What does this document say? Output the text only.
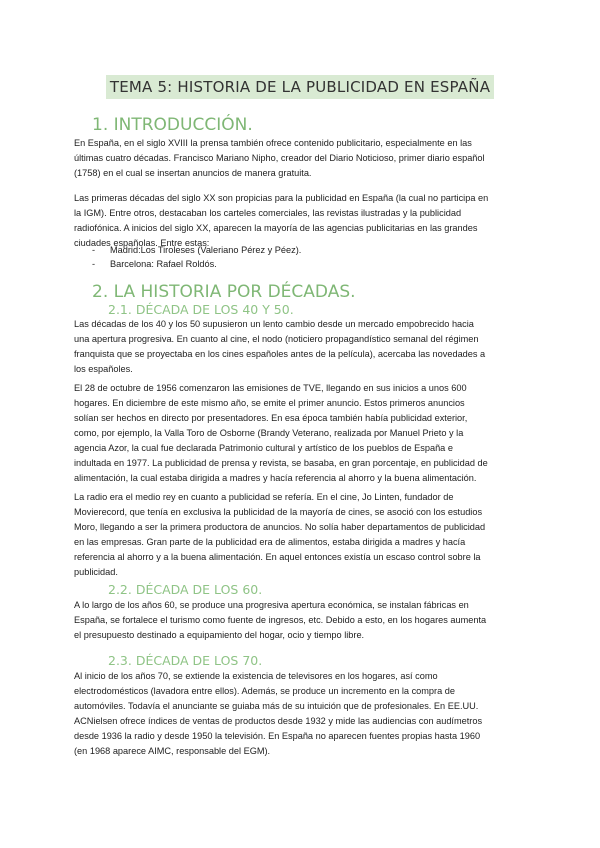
TEMA 5: HISTORIA DE LA PUBLICIDAD EN ESPAÑA
1. INTRODUCCIÓN.
En España, en el siglo XVIII la prensa también ofrece contenido publicitario, especialmente en las
últimas cuatro décadas. Francisco Mariano Nipho, creador del Diario Noticioso, primer diario español
(1758) en el cual se insertan anuncios de manera gratuita.
Las primeras décadas del siglo XX son propicias para la publicidad en España (la cual no participa en
la IGM). Entre otros, destacaban los carteles comerciales, las revistas ilustradas y la publicidad
radiofónica. A inicios del siglo XX, aparecen la mayoría de las agencias publicitarias en las grandes
ciudades españolas. Entre estas:
- Madrid:Los Tiroleses (Valeriano Pérez y Péez).
- Barcelona: Rafael Roldós.
2. LA HISTORIA POR DÉCADAS.
2.1. DÉCADA DE LOS 40 Y 50.
Las décadas de los 40 y los 50 supusieron un lento cambio desde un mercado empobrecido hacia
una apertura progresiva. En cuanto al cine, el nodo (noticiero propagandístico semanal del régimen
franquista que se proyectaba en los cines españoles antes de la película), acercaba las novedades a
los españoles.
El 28 de octubre de 1956 comenzaron las emisiones de TVE, llegando en sus inicios a unos 600
hogares. En diciembre de este mismo año, se emite el primer anuncio. Estos primeros anuncios
solían ser hechos en directo por presentadores. En esa época también había publicidad exterior,
como, por ejemplo, la Valla Toro de Osborne (Brandy Veterano, realizada por Manuel Prieto y la
agencia Azor, la cual fue declarada Patrimonio cultural y artístico de los pueblos de España e
indultada en 1977. La publicidad de prensa y revista, se basaba, en gran porcentaje, en publicidad de
alimentación, la cual estaba dirigida a madres y hacía referencia al ahorro y la buena alimentación.
La radio era el medio rey en cuanto a publicidad se refería. En el cine, Jo Linten, fundador de
Movierecord, que tenía en exclusiva la publicidad de la mayoría de cines, se asoció con los estudios
Moro, llegando a ser la primera productora de anuncios. No solía haber departamentos de publicidad
en las empresas. Gran parte de la publicidad era de alimentos, estaba dirigida a madres y hacía
referencia al ahorro y a la buena alimentación. En aquel entonces existía un escaso control sobre la
publicidad.
2.2. DÉCADA DE LOS 60.
A lo largo de los años 60, se produce una progresiva apertura económica, se instalan fábricas en
España, se fortalece el turismo como fuente de ingresos, etc. Debido a esto, en los hogares aumenta
el presupuesto destinado a equipamiento del hogar, ocio y tiempo libre.
2.3. DÉCADA DE LOS 70.
Al inicio de los años 70, se extiende la existencia de televisores en los hogares, así como
electrodomésticos (lavadora entre ellos). Además, se produce un incremento en la compra de
automóviles. Todavía el anunciante se guiaba más de su intuición que de profesionales. En EE.UU.
ACNielsen ofrece índices de ventas de productos desde 1932 y mide las audiencias con audímetros
desde 1936 la radio y desde 1950 la televisión. En España no aparecen fuentes propias hasta 1960
(en 1968 aparece AIMC, responsable del EGM).
